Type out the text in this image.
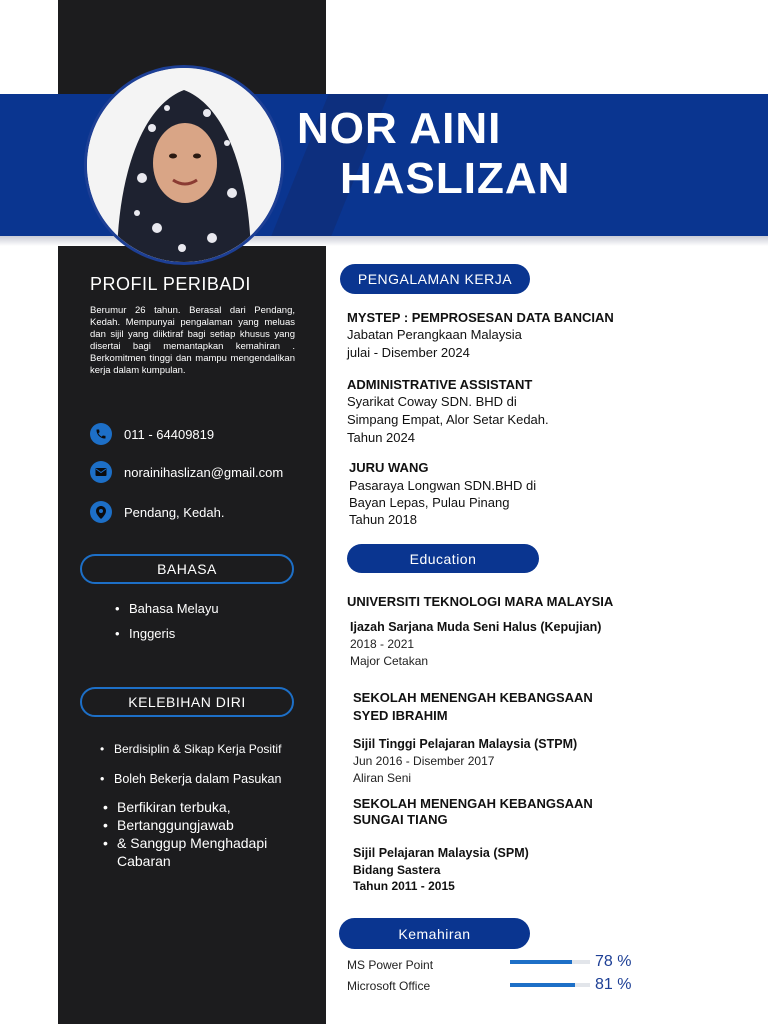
NOR AINI
HASLIZAN
PROFIL PERIBADI
Berumur 26 tahun. Berasal dari Pendang, Kedah. Mempunyai pengalaman yang meluas dan sijil yang diiktiraf bagi setiap khusus yang disertai bagi memantapkan kemahiran . Berkomitmen tinggi dan mampu mengendalikan kerja dalam kumpulan.
011 - 64409819
norainihaslizan@gmail.com
Pendang, Kedah.
BAHASA
• Bahasa Melayu
• Inggeris
KELEBIHAN DIRI
• Berdisiplin & Sikap Kerja Positif
• Boleh Bekerja dalam Pasukan
• Berfikiran terbuka,
• Bertanggungjawab
• & Sanggup Menghadapi
Cabaran
PENGALAMAN KERJA
MYSTEP : PEMPROSESAN DATA BANCIAN
Jabatan Perangkaan Malaysia
julai - Disember 2024
ADMINISTRATIVE ASSISTANT
Syarikat Coway SDN. BHD di
Simpang Empat, Alor Setar Kedah.
Tahun 2024
JURU WANG
Pasaraya Longwan SDN.BHD di
Bayan Lepas, Pulau Pinang
Tahun 2018
Education
UNIVERSITI TEKNOLOGI MARA MALAYSIA
Ijazah Sarjana Muda Seni Halus (Kepujian)
2018 - 2021
Major Cetakan
SEKOLAH MENENGAH KEBANGSAAN
SYED IBRAHIM
Sijil Tinggi Pelajaran Malaysia (STPM)
Jun 2016 - Disember 2017
Aliran Seni
SEKOLAH MENENGAH KEBANGSAAN
SUNGAI TIANG
Sijil Pelajaran Malaysia (SPM)
Bidang Sastera
Tahun 2011 - 2015
Kemahiran
MS Power Point	78 %
Microsoft Office	81 %
